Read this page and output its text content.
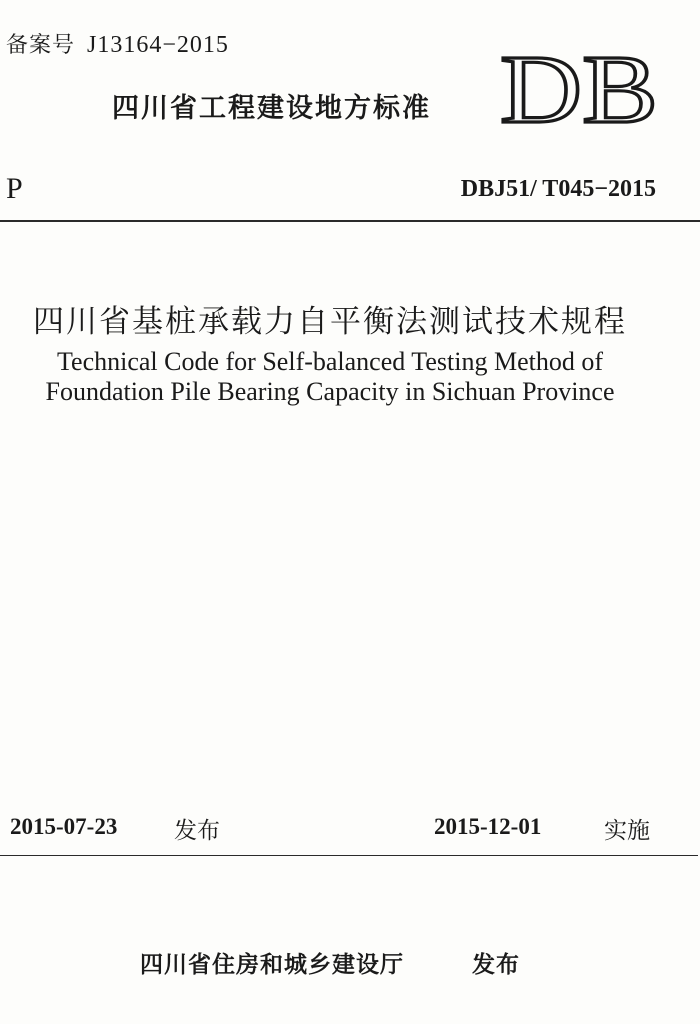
备案号 J13164−2015
四川省工程建设地方标准 DB
P	DBJ51/ T045−2015
四川省基桩承载力自平衡法测试技术规程
Technical Code for Self-balanced Testing Method of
Foundation Pile Bearing Capacity in Sichuan Province
2015-07-23 发布	2015-12-01	实施
四川省住房和城乡建设厅	发布
